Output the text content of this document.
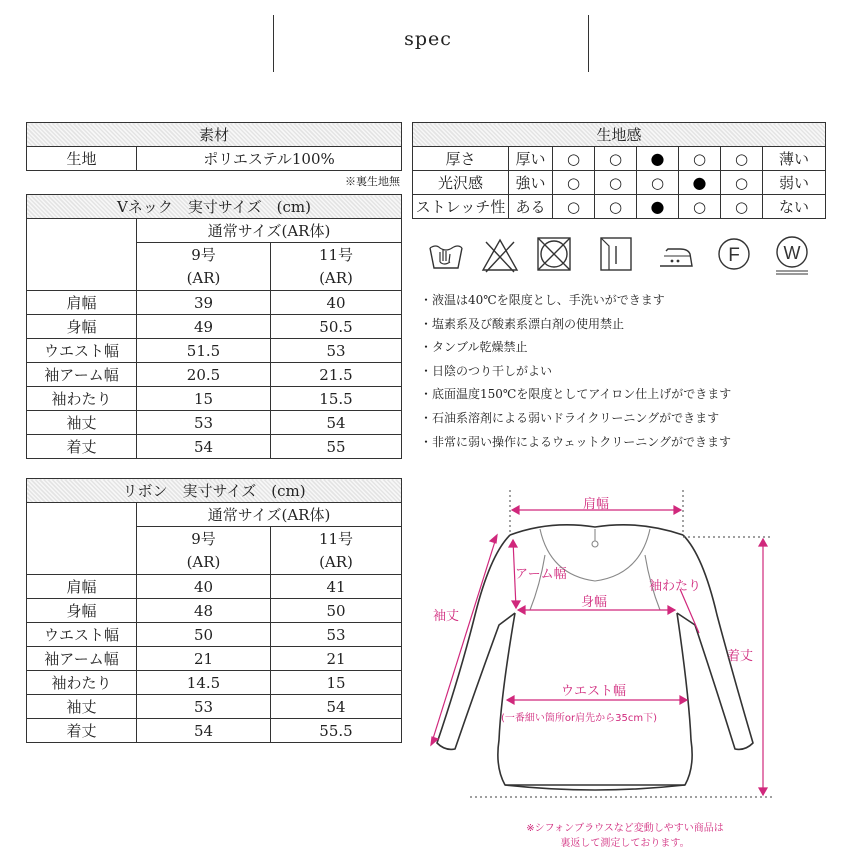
spec
素材
生地	ポリエステル100%
※裏生地無
生地感							
厚さ	厚い	○	○	●	○	○	薄い
光沢感	強い	○	○	○	●	○	弱い
ストレッチ性	ある	○	○	●	○	○	ない
Vネック　実寸サイズ　(cm)		
	通常サイズ(AR体)	
	9号	11号
	(AR)	(AR)
肩幅	39	40
身幅	49	50.5
ウエスト幅	51.5	53
袖アーム幅	20.5	21.5
袖わたり	15	15.5
袖丈	53	54
着丈	54	55
リボン　実寸サイズ　(cm)		
	通常サイズ(AR体)	
	9号	11号
	(AR)	(AR)
肩幅	40	41
身幅	48	50
ウエスト幅	50	53
袖アーム幅	21	21
袖わたり	14.5	15
袖丈	53	54
着丈	54	55.5
F W
・液温は40℃を限度とし、手洗いができます
・塩素系及び酸素系漂白剤の使用禁止
・タンブル乾燥禁止
・日陰のつり干しがよい
・底面温度150℃を限度としてアイロン仕上げができます
・石油系溶剤による弱いドライクリーニングができます
・非常に弱い操作によるウェットクリーニングができます
肩幅
アーム幅
身幅
袖わたり
袖丈
着丈
ウエスト幅
(一番細い箇所or肩先から35cm下)
※シフォンブラウスなど変動しやすい商品は
裏返して測定しております。
